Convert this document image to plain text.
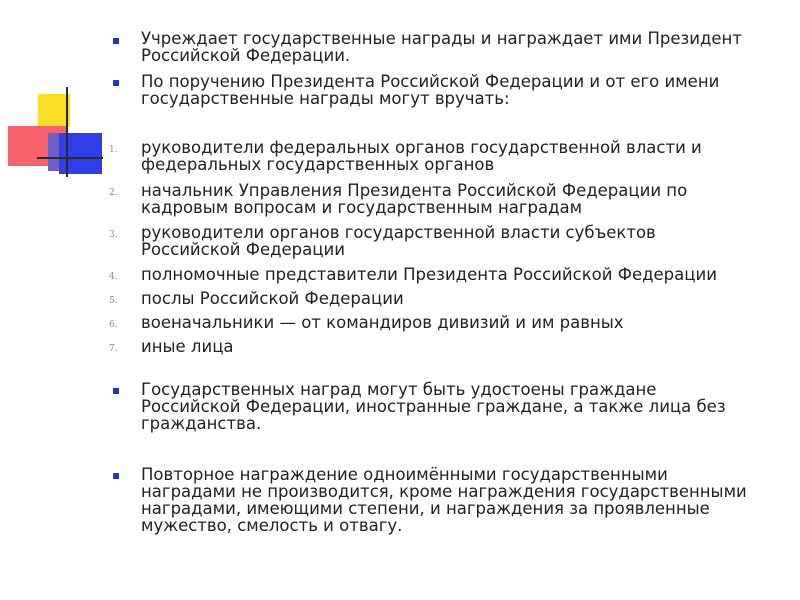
Учреждает государственные награды и награждает ими Президент

Российской Федерации.

По поручению Президента Российской Федерации и от его имени

государственные награды могут вручать:

1. руководители федеральных органов государственной власти и

федеральных государственных органов

2. начальник Управления Президента Российской Федерации по

кадровым вопросам и государственным наградам

3. руководители органов государственной власти субъектов

Российской Федерации

4. полномочные представители Президента Российской Федерации

5. послы Российской Федерации

6. военачальники — от командиров дивизий и им равных

7. иные лица

Государственных наград могут быть удостоены граждане

Российской Федерации, иностранные граждане, а также лица без

гражданства.

Повторное награждение одноимёнными государственными

наградами не производится, кроме награждения государственными

наградами, имеющими степени, и награждения за проявленные

мужество, смелость и отвагу.
